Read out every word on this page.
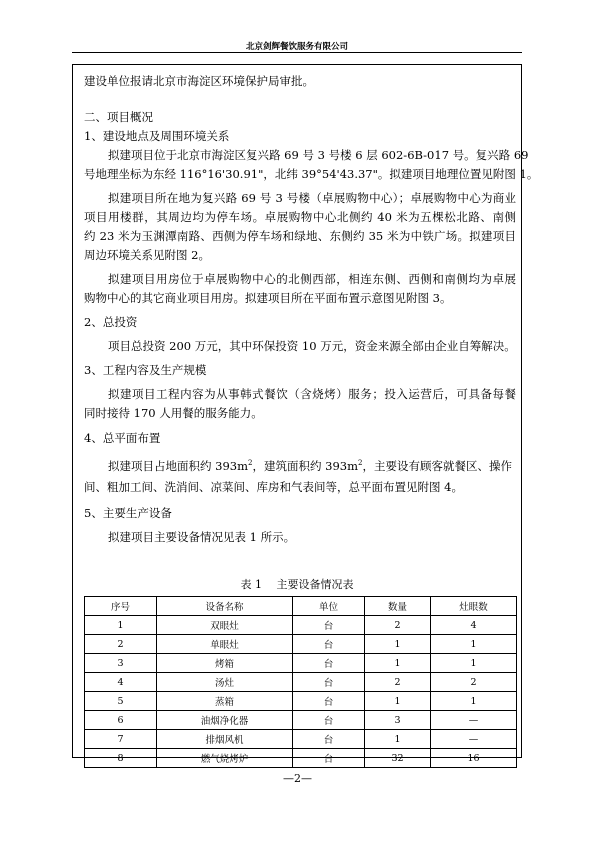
北京剑辉餐饮服务有限公司
建设单位报请北京市海淀区环境保护局审批。
二、项目概况
1、建设地点及周围环境关系
拟建项目位于北京市海淀区复兴路 69 号 3 号楼 6 层 602-6B-017 号。复兴路 69
号地理坐标为东经 116°16'30.91"，北纬 39°54'43.37"。拟建项目地理位置见附图 1。
拟建项目所在地为复兴路 69 号 3 号楼（卓展购物中心）；卓展购物中心为商业
项目用楼群，其周边均为停车场。卓展购物中心北侧约 40 米为五棵松北路、南侧
约 23 米为玉渊潭南路、西侧为停车场和绿地、东侧约 35 米为中铁广场。拟建项目
周边环境关系见附图 2。
拟建项目用房位于卓展购物中心的北侧西部，相连东侧、西侧和南侧均为卓展
购物中心的其它商业项目用房。拟建项目所在平面布置示意图见附图 3。
2、总投资
项目总投资 200 万元，其中环保投资 10 万元，资金来源全部由企业自筹解决。
3、工程内容及生产规模
拟建项目工程内容为从事韩式餐饮（含烧烤）服务；投入运营后，可具备每餐
同时接待 170 人用餐的服务能力。
4、总平面布置
拟建项目占地面积约 $393m^2$，建筑面积约 $393m^2$，主要设有顾客就餐区、操作
间、粗加工间、洗消间、凉菜间、库房和气表间等，总平面布置见附图 4。
5、主要生产设备
拟建项目主要设备情况见表 1 所示。
表 1　 主要设备情况表
序号	设备名称	单位	数量	灶眼数
1	双眼灶	台	2	4
2	单眼灶	台	1	1
3	烤箱	台	1	1
4	汤灶	台	2	2
5	蒸箱	台	1	1
6	油烟净化器	台	3	—
7	排烟风机	台	1	—
8	燃气烧烤炉	台	32	16
—2—
